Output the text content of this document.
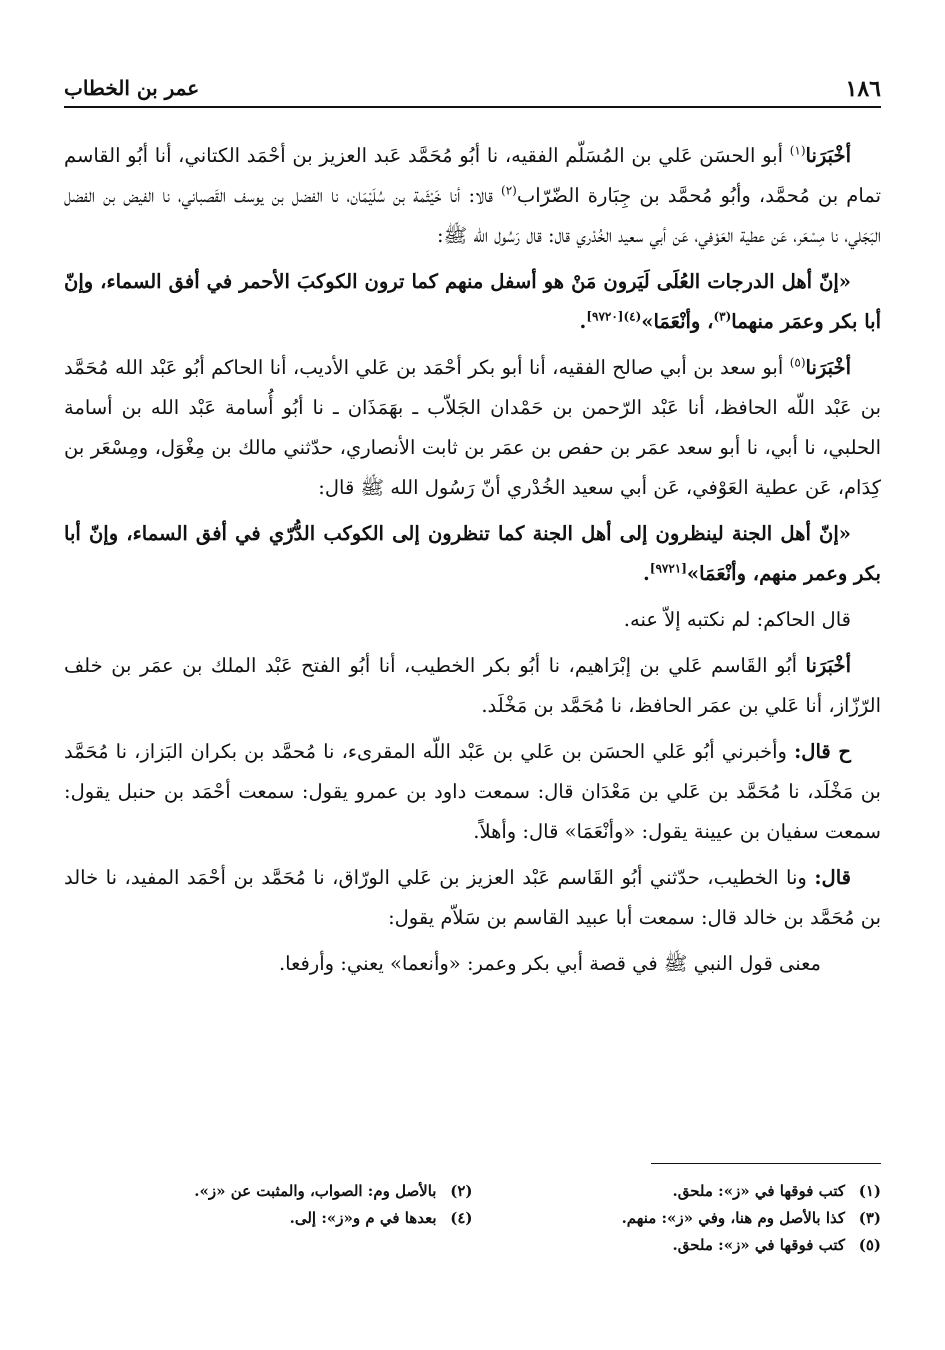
١٨٦
عمر بن الخطاب

أخْبَرَنا$^{(١)}$ أبو الحسَن عَلي بن المُسَلّم الفقيه، نا أبُو مُحَمَّد عَبد العزيز بن أحْمَد الكتاني، أنا أبُو القاسم تمام بن مُحمَّد، وأبُو مُحمَّد بن جِبَارة الضّرّاب$^{(٢)}$ قالا: أنا خَيْثَمة بن سُلَيْمَان، نا الفضل بن يوسف القَصباني، نا الفيض بن الفضل البَجَلي، نا مِسْعَر، عَن عطية العَوْفي، عَن أبي سعيد الخُدْري قال: قال رَسُول الله ﷺ:

«إنّ أهل الدرجات العُلَى لَيَرون مَنْ هو أسفل منهم كما ترون الكوكبَ الأحمر في أفق السماء، وإنّ أبا بكر وعمَر منهما$^{(٣)}$، وأنْعَمَا»$^{(٤)[٩٧٢٠]}$.

أخْبَرَنا$^{(٥)}$ أبو سعد بن أبي صالح الفقيه، أنا أبو بكر أحْمَد بن عَلي الأديب، أنا الحاكم أبُو عَبْد الله مُحَمَّد بن عَبْد اللّه الحافظ، أنا عَبْد الرّحمن بن حَمْدان الجَلاّب ـ بهَمَذَان ـ نا أبُو أُسامة عَبْد الله بن أسامة الحلبي، نا أبي، نا أبو سعد عمَر بن حفص بن عمَر بن ثابت الأنصاري، حدّثني مالك بن مِغْوَل، ومِسْعَر بن كِدَام، عَن عطية العَوْفي، عَن أبي سعيد الخُدْري أنّ رَسُول الله ﷺ قال:

«إنّ أهل الجنة لينظرون إلى أهل الجنة كما تنظرون إلى الكوكب الدُّرّي في أفق السماء، وإنّ أبا بكر وعمر منهم، وأنْعَمَا»[٩٧٢١].

قال الحاكم: لم نكتبه إلاّ عنه.

أخْبَرَنا أبُو القَاسم عَلي بن إبْرَاهيم، نا أبُو بكر الخطيب، أنا أبُو الفتح عَبْد الملك بن عمَر بن خلف الرّزّاز، أنا عَلي بن عمَر الحافظ، نا مُحَمَّد بن مَخْلَد.

ح قال: وأخبرني أبُو عَلي الحسَن بن عَلي بن عَبْد اللّه المقرىء، نا مُحمَّد بن بكران البَزاز، نا مُحَمَّد بن مَخْلَد، نا مُحَمَّد بن عَلي بن مَعْدَان قال: سمعت داود بن عمرو يقول: سمعت أحْمَد بن حنبل يقول: سمعت سفيان بن عيينة يقول: «وأنْعَمَا» قال: وأهلاً.

قال: ونا الخطيب، حدّثني أبُو القَاسم عَبْد العزيز بن عَلي الورّاق، نا مُحَمَّد بن أحْمَد المفيد، نا خالد بن مُحَمَّد بن خالد قال: سمعت أبا عبيد القاسم بن سَلاّم يقول:

معنى قول النبي ﷺ في قصة أبي بكر وعمر: «وأنعما» يعني: وأرفعا.

(١)كتب فوقها في «ز»: ملحق.
(٢)بالأصل وم: الصواب، والمثبت عن «ز».
(٣)كذا بالأصل وم هنا، وفي «ز»: منهم.
(٤)بعدها في م و«ز»: إلى.
(٥)كتب فوقها في «ز»: ملحق.
